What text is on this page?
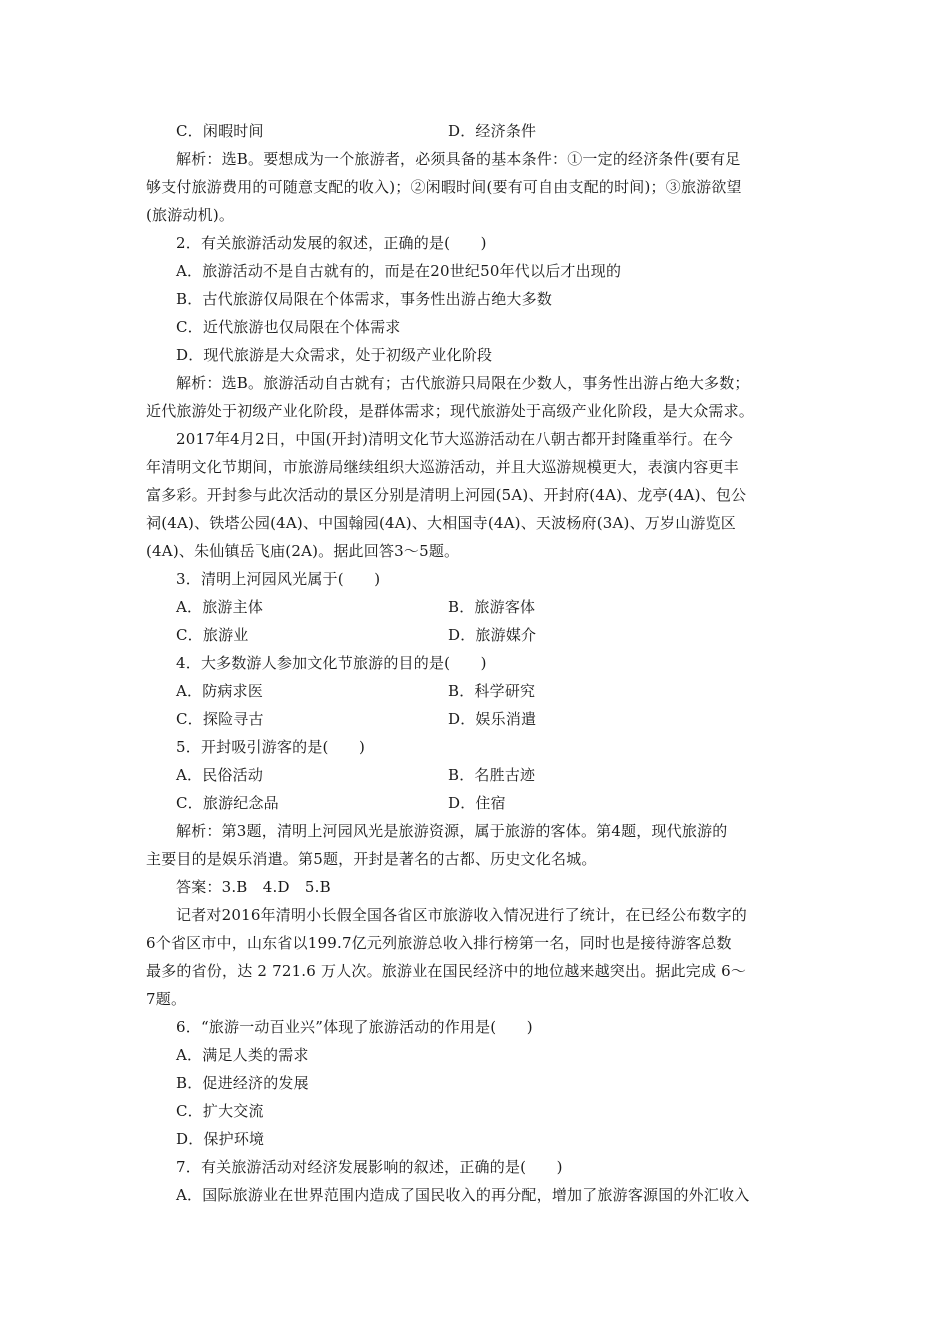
C．闲暇时间	D．经济条件
解析：选B。要想成为一个旅游者，必须具备的基本条件：①一定的经济条件(要有足
够支付旅游费用的可随意支配的收入)；②闲暇时间(要有可自由支配的时间)；③旅游欲望
(旅游动机)。
2．有关旅游活动发展的叙述，正确的是(　　)
A．旅游活动不是自古就有的，而是在20世纪50年代以后才出现的
B．古代旅游仅局限在个体需求，事务性出游占绝大多数
C．近代旅游也仅局限在个体需求
D．现代旅游是大众需求，处于初级产业化阶段
解析：选B。旅游活动自古就有；古代旅游只局限在少数人，事务性出游占绝大多数；
近代旅游处于初级产业化阶段，是群体需求；现代旅游处于高级产业化阶段，是大众需求。
2017年4月2日，中国(开封)清明文化节大巡游活动在八朝古都开封隆重举行。在今
年清明文化节期间，市旅游局继续组织大巡游活动，并且大巡游规模更大，表演内容更丰
富多彩。开封参与此次活动的景区分别是清明上河园(5A)、开封府(4A)、龙亭(4A)、包公
祠(4A)、铁塔公园(4A)、中国翰园(4A)、大相国寺(4A)、天波杨府(3A)、万岁山游览区
(4A)、朱仙镇岳飞庙(2A)。据此回答3～5题。
3．清明上河园风光属于(　　)
A．旅游主体	B．旅游客体
C．旅游业	D．旅游媒介
4．大多数游人参加文化节旅游的目的是(　　)
A．防病求医	B．科学研究
C．探险寻古	D．娱乐消遣
5．开封吸引游客的是(　　)
A．民俗活动	B．名胜古迹
C．旅游纪念品	D．住宿
解析：第3题，清明上河园风光是旅游资源，属于旅游的客体。第4题，现代旅游的
主要目的是娱乐消遣。第5题，开封是著名的古都、历史文化名城。
答案：3.B　4.D　5.B
记者对2016年清明小长假全国各省区市旅游收入情况进行了统计，在已经公布数字的
6个省区市中，山东省以199.7亿元列旅游总收入排行榜第一名，同时也是接待游客总数
最多的省份，达 2 721.6 万人次。旅游业在国民经济中的地位越来越突出。据此完成 6～
7题。
6．“旅游一动百业兴”体现了旅游活动的作用是(　　)
A．满足人类的需求
B．促进经济的发展
C．扩大交流
D．保护环境
7．有关旅游活动对经济发展影响的叙述，正确的是(　　)
A．国际旅游业在世界范围内造成了国民收入的再分配，增加了旅游客源国的外汇收入
